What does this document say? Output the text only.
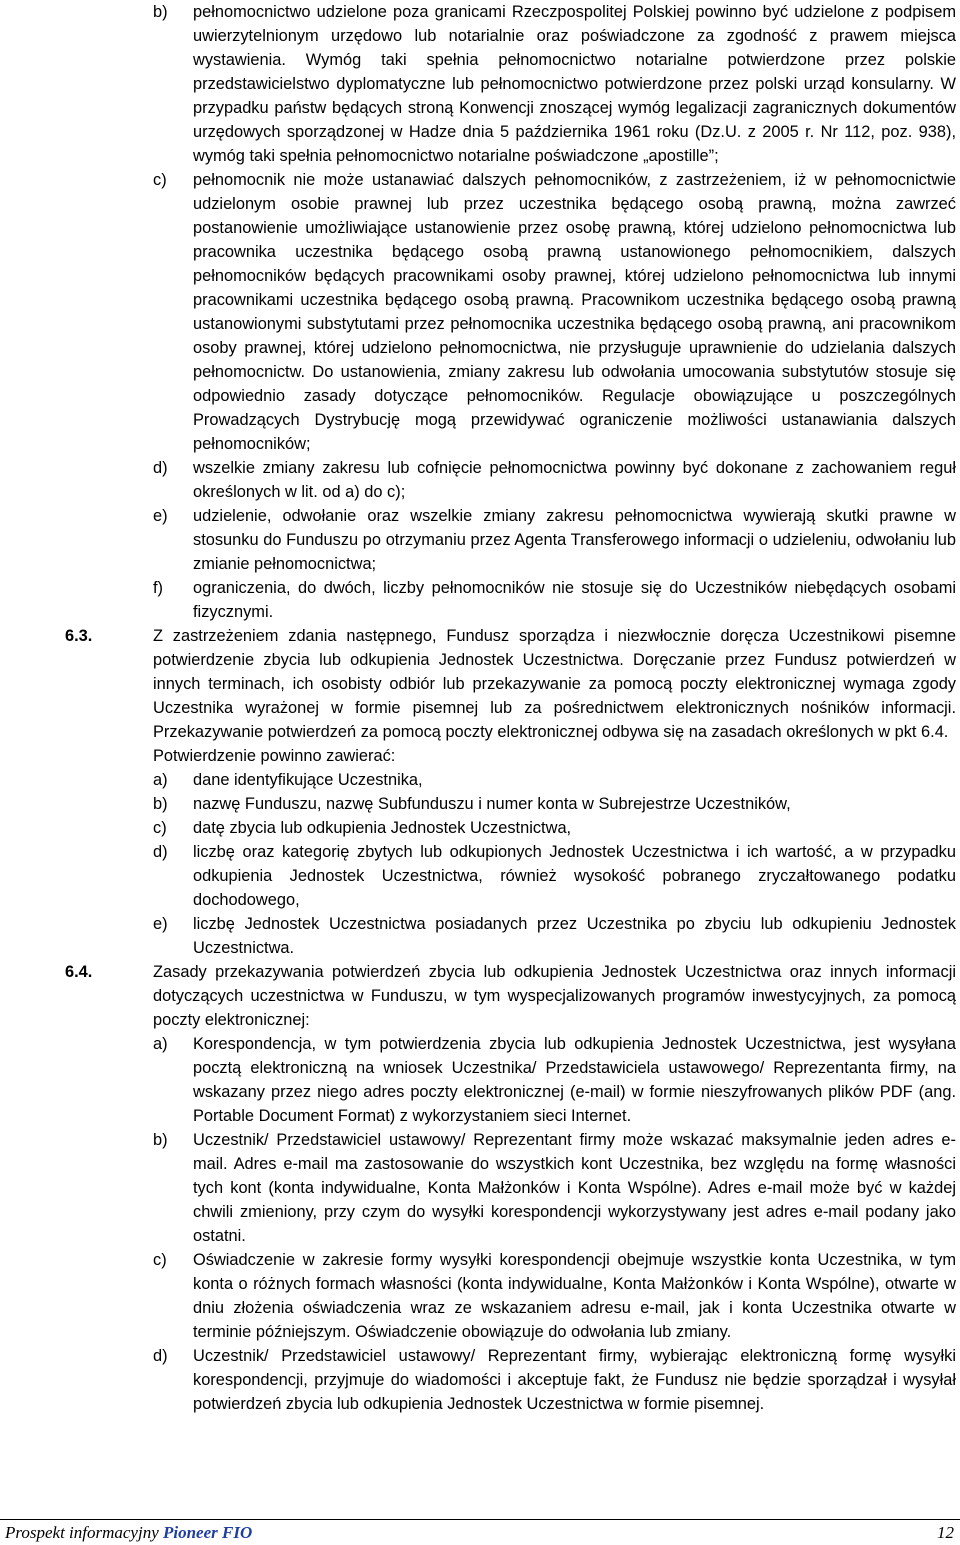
b) pełnomocnictwo udzielone poza granicami Rzeczpospolitej Polskiej powinno być udzielone z podpisem uwierzytelnionym urzędowo lub notarialnie oraz poświadczone za zgodność z prawem miejsca wystawienia. Wymóg taki spełnia pełnomocnictwo notarialne potwierdzone przez polskie przedstawicielstwo dyplomatyczne lub pełnomocnictwo potwierdzone przez polski urząd konsularny. W przypadku państw będących stroną Konwencji znoszącej wymóg legalizacji zagranicznych dokumentów urzędowych sporządzonej w Hadze dnia 5 października 1961 roku (Dz.U. z 2005 r. Nr 112, poz. 938), wymóg taki spełnia pełnomocnictwo notarialne poświadczone „apostille”;
c) pełnomocnik nie może ustanawiać dalszych pełnomocników, z zastrzeżeniem, iż w pełnomocnictwie udzielonym osobie prawnej lub przez uczestnika będącego osobą prawną, można zawrzeć postanowienie umożliwiające ustanowienie przez osobę prawną, której udzielono pełnomocnictwa lub pracownika uczestnika będącego osobą prawną ustanowionego pełnomocnikiem, dalszych pełnomocników będących pracownikami osoby prawnej, której udzielono pełnomocnictwa lub innymi pracownikami uczestnika będącego osobą prawną. Pracownikom uczestnika będącego osobą prawną ustanowionymi substytutami przez pełnomocnika uczestnika będącego osobą prawną, ani pracownikom osoby prawnej, której udzielono pełnomocnictwa, nie przysługuje uprawnienie do udzielania dalszych pełnomocnictw. Do ustanowienia, zmiany zakresu lub odwołania umocowania substytutów stosuje się odpowiednio zasady dotyczące pełnomocników. Regulacje obowiązujące u poszczególnych Prowadzących Dystrybucję mogą przewidywać ograniczenie możliwości ustanawiania dalszych pełnomocników;
d) wszelkie zmiany zakresu lub cofnięcie pełnomocnictwa powinny być dokonane z zachowaniem reguł określonych w lit. od a) do c);
e) udzielenie, odwołanie oraz wszelkie zmiany zakresu pełnomocnictwa wywierają skutki prawne w stosunku do Funduszu po otrzymaniu przez Agenta Transferowego informacji o udzieleniu, odwołaniu lub zmianie pełnomocnictwa;
f) ograniczenia, do dwóch, liczby pełnomocników nie stosuje się do Uczestników niebędących osobami fizycznymi.
6.3.	Z zastrzeżeniem zdania następnego, Fundusz sporządza i niezwłocznie doręcza Uczestnikowi pisemne potwierdzenie zbycia lub odkupienia Jednostek Uczestnictwa. Doręczanie przez Fundusz potwierdzeń w innych terminach, ich osobisty odbiór lub przekazywanie za pomocą poczty elektronicznej wymaga zgody Uczestnika wyrażonej w formie pisemnej lub za pośrednictwem elektronicznych nośników informacji. Przekazywanie potwierdzeń za pomocą poczty elektronicznej odbywa się na zasadach określonych w pkt 6.4.
Potwierdzenie powinno zawierać:
a) dane identyfikujące Uczestnika,
b) nazwę Funduszu, nazwę Subfunduszu i numer konta w Subrejestrze Uczestników,
c) datę zbycia lub odkupienia Jednostek Uczestnictwa,
d) liczbę oraz kategorię zbytych lub odkupionych Jednostek Uczestnictwa i ich wartość, a w przypadku odkupienia Jednostek Uczestnictwa, również wysokość pobranego zryczałtowanego podatku dochodowego,
e) liczbę Jednostek Uczestnictwa posiadanych przez Uczestnika po zbyciu lub odkupieniu Jednostek Uczestnictwa.
6.4.	Zasady przekazywania potwierdzeń zbycia lub odkupienia Jednostek Uczestnictwa oraz innych informacji dotyczących uczestnictwa w Funduszu, w tym wyspecjalizowanych programów inwestycyjnych, za pomocą poczty elektronicznej:
a) Korespondencja, w tym potwierdzenia zbycia lub odkupienia Jednostek Uczestnictwa, jest wysyłana pocztą elektroniczną na wniosek Uczestnika/ Przedstawiciela ustawowego/ Reprezentanta firmy, na wskazany przez niego adres poczty elektronicznej (e-mail) w formie nieszyfrowanych plików PDF (ang. Portable Document Format) z wykorzystaniem sieci Internet.
b) Uczestnik/ Przedstawiciel ustawowy/ Reprezentant firmy może wskazać maksymalnie jeden adres e-mail. Adres e-mail ma zastosowanie do wszystkich kont Uczestnika, bez względu na formę własności tych kont (konta indywidualne, Konta Małżonków i Konta Wspólne). Adres e-mail może być w każdej chwili zmieniony, przy czym do wysyłki korespondencji wykorzystywany jest adres e-mail podany jako ostatni.
c) Oświadczenie w zakresie formy wysyłki korespondencji obejmuje wszystkie konta Uczestnika, w tym konta o różnych formach własności (konta indywidualne, Konta Małżonków i Konta Wspólne), otwarte w dniu złożenia oświadczenia wraz ze wskazaniem adresu e-mail, jak i konta Uczestnika otwarte w terminie późniejszym. Oświadczenie obowiązuje do odwołania lub zmiany.
d) Uczestnik/ Przedstawiciel ustawowy/ Reprezentant firmy, wybierając elektroniczną formę wysyłki korespondencji, przyjmuje do wiadomości i akceptuje fakt, że Fundusz nie będzie sporządzał i wysyłał potwierdzeń zbycia lub odkupienia Jednostek Uczestnictwa w formie pisemnej.
Prospekt informacyjny Pioneer FIO	12
